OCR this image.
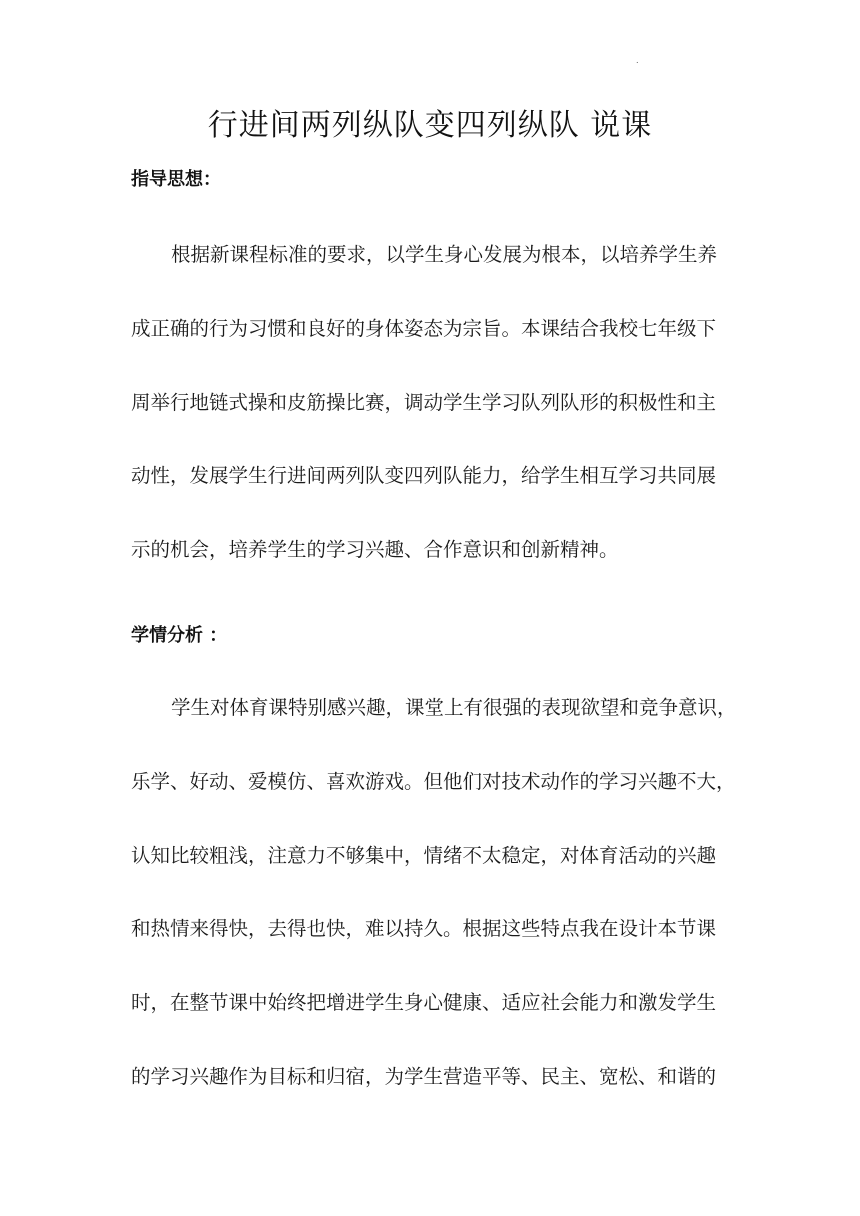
.
行进间两列纵队变四列纵队 说课
指导思想：
根据新课程标准的要求，以学生身心发展为根本，以培养学生养
成正确的行为习惯和良好的身体姿态为宗旨。本课结合我校七年级下
周举行地链式操和皮筋操比赛，调动学生学习队列队形的积极性和主
动性，发展学生行进间两列队变四列队能力，给学生相互学习共同展
示的机会，培养学生的学习兴趣、合作意识和创新精神。
学情分析 ：
学生对体育课特别感兴趣，课堂上有很强的表现欲望和竞争意识，
乐学、好动、爱模仿、喜欢游戏。但他们对技术动作的学习兴趣不大，
认知比较粗浅，注意力不够集中，情绪不太稳定，对体育活动的兴趣
和热情来得快，去得也快，难以持久。根据这些特点我在设计本节课
时，在整节课中始终把增进学生身心健康、适应社会能力和激发学生
的学习兴趣作为目标和归宿，为学生营造平等、民主、宽松、和谐的
